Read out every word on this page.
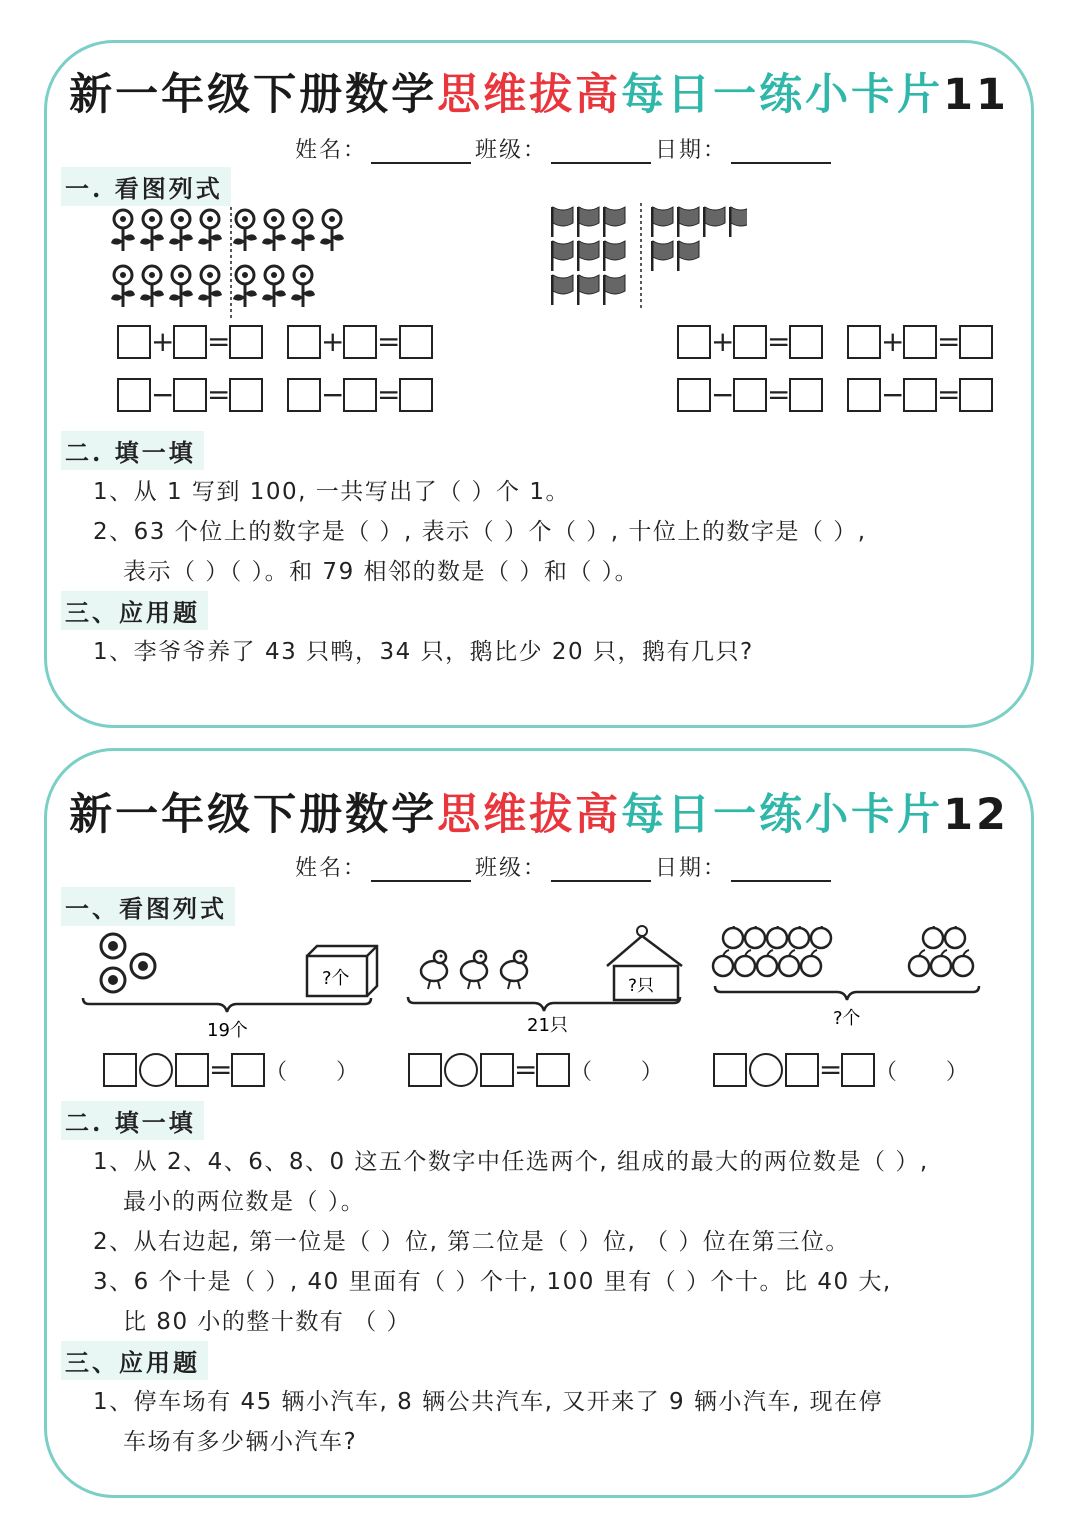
新一年级下册数学思维拔高每日一练小卡片11
姓名：	班级：	日期：
一. 看图列式
+ =	+ =	+ =	+ =
− =	− =	− =	− =
二. 填一填
1、从 1 写到 100, 一共写出了（ ）个 1。
2、63 个位上的数字是（ ）, 表示（ ）个（ ）, 十位上的数字是（ ）,
表示（ ）（ ）。和 79 相邻的数是（ ）和（ ）。
三、应用题
1、李爷爷养了 43 只鸭，34 只，鹅比少 20 只，鹅有几只?
新一年级下册数学思维拔高每日一练小卡片12
姓名：	班级：	日期：
一、看图列式
?个
19个
?只
21只	?个
= （       ）	= （       ）	= （       ）
二. 填一填
1、从 2、4、6、8、0 这五个数字中任选两个, 组成的最大的两位数是（ ）,
最小的两位数是（ ）。
2、从右边起, 第一位是（ ）位, 第二位是（ ）位, （ ）位在第三位。
3、6 个十是（ ）, 40 里面有（ ）个十, 100 里有（ ）个十。比 40 大,
比 80 小的整十数有 （ ）
三、应用题
1、停车场有 45 辆小汽车, 8 辆公共汽车, 又开来了 9 辆小汽车, 现在停
车场有多少辆小汽车?
